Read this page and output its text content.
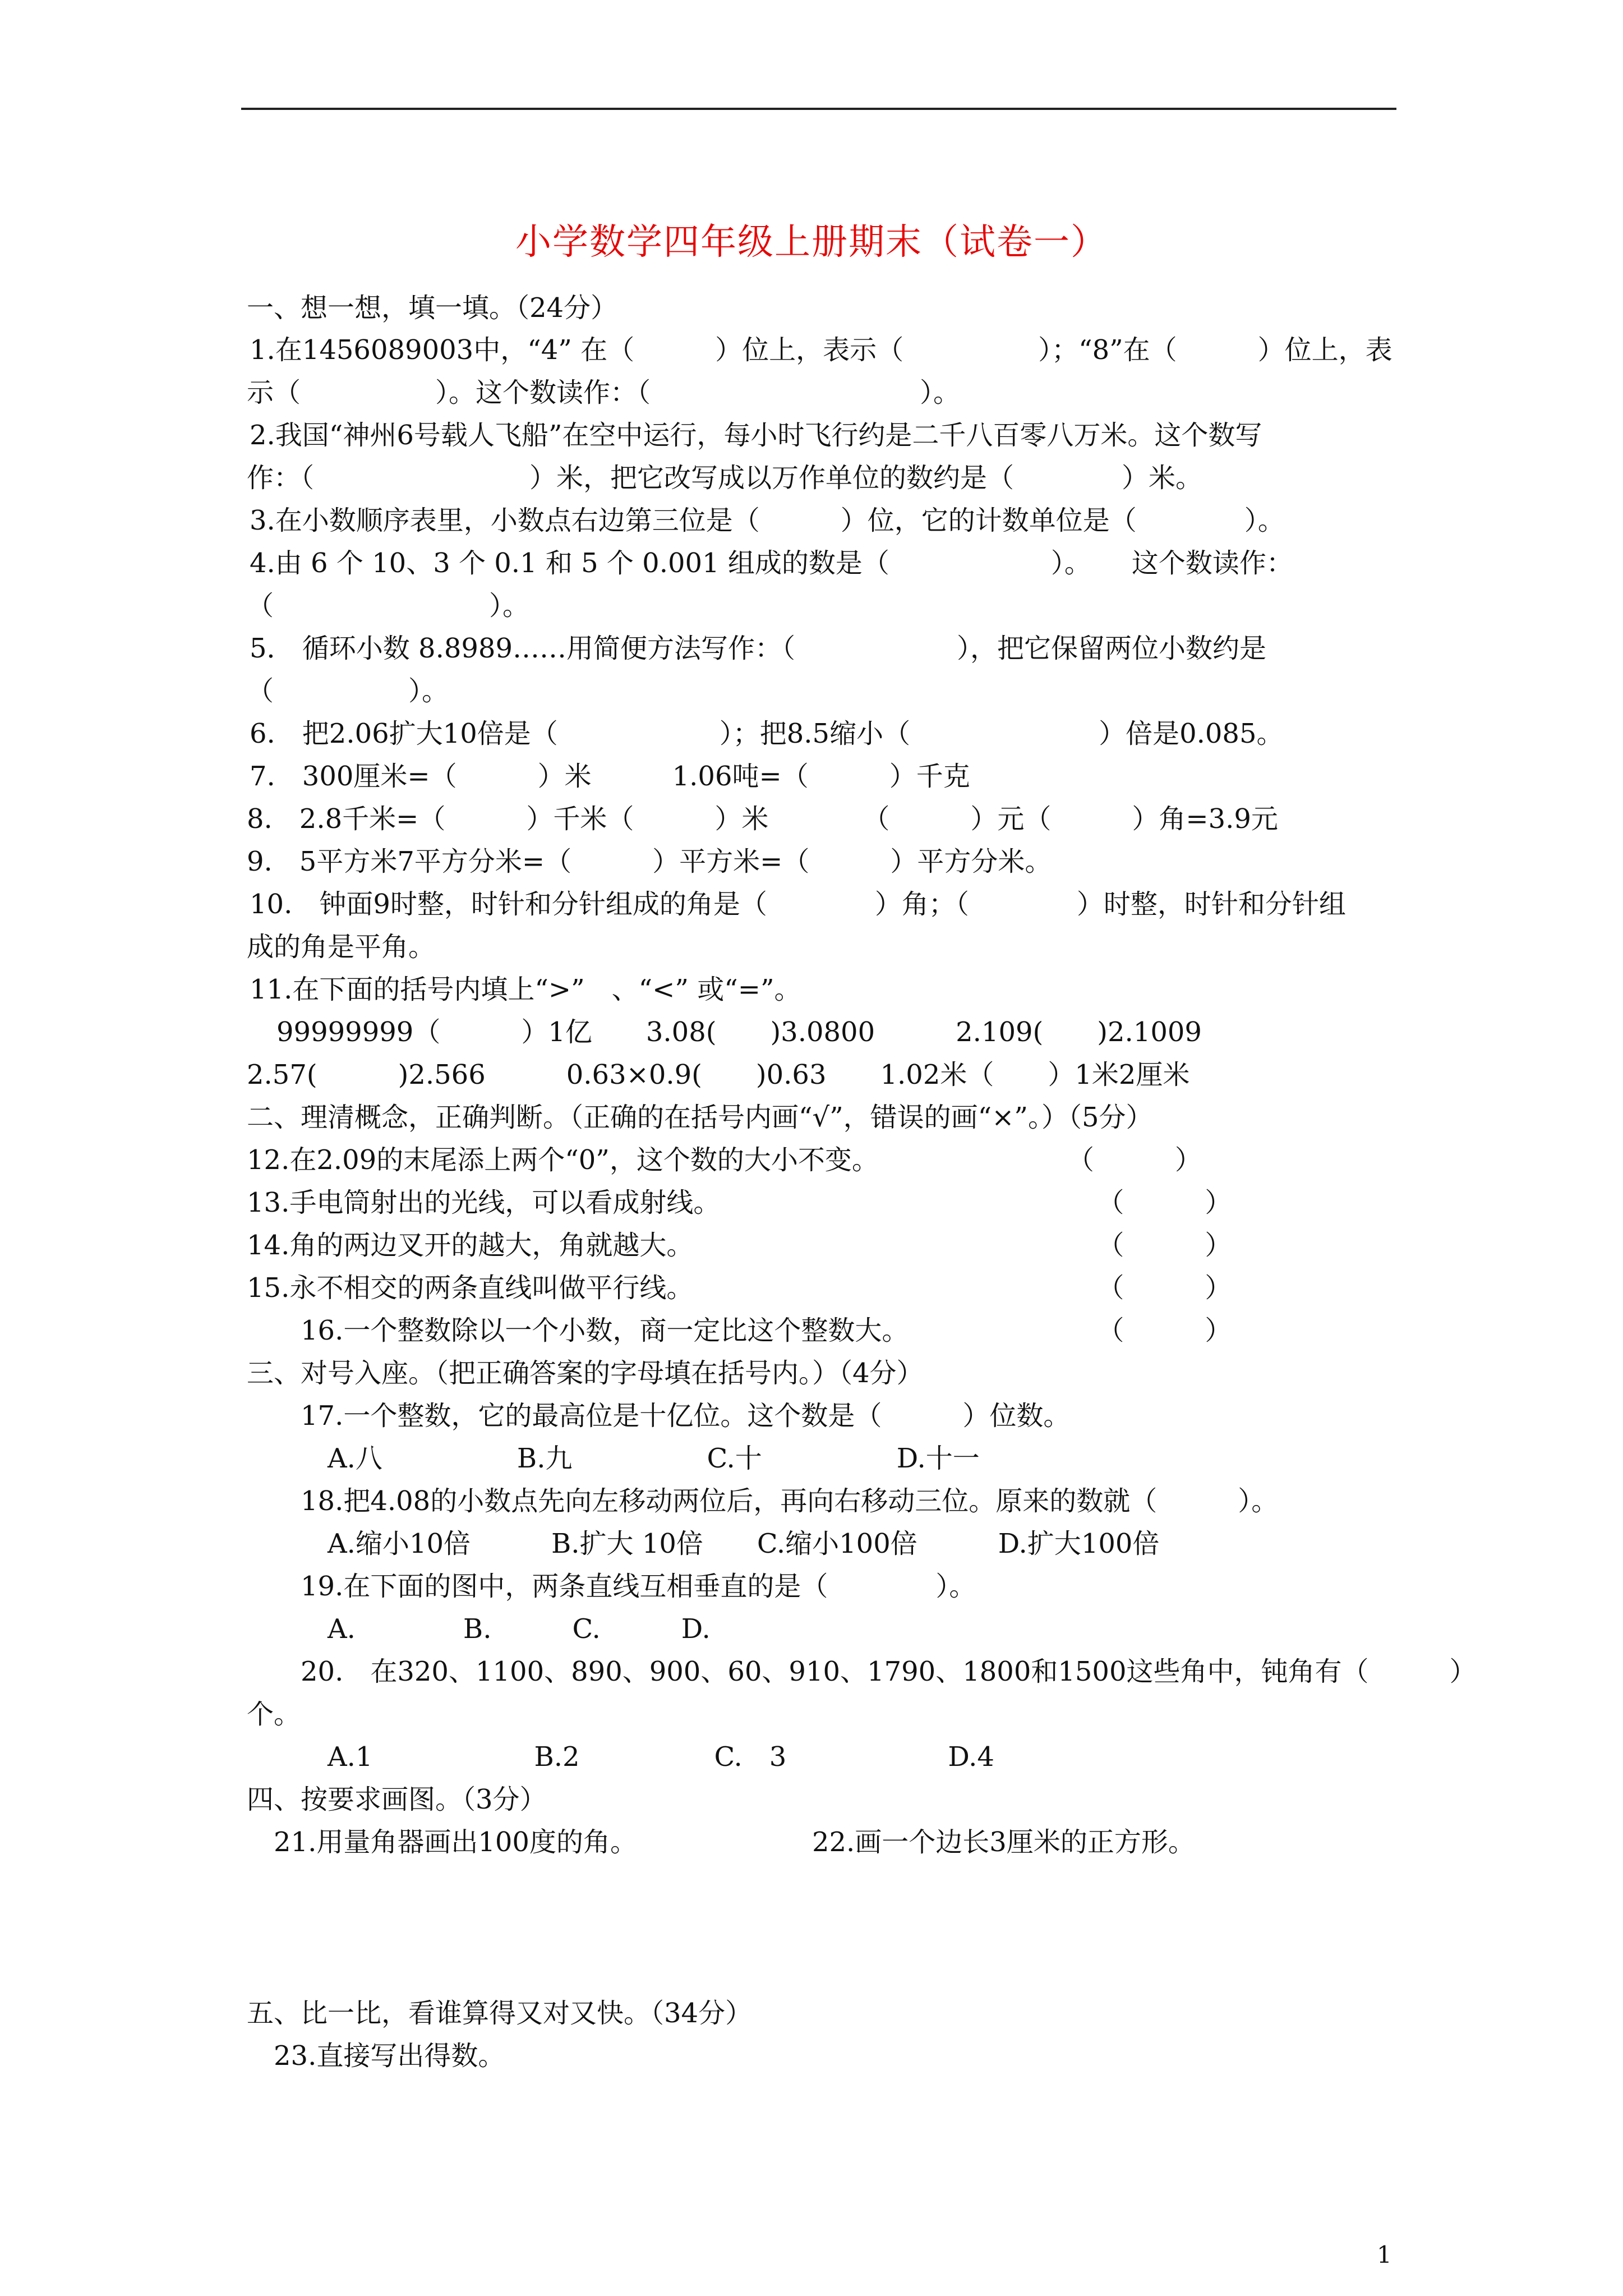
小学数学四年级上册期末（试卷一）
一、想一想，填一填。（24分）
1.在1456089003中，“4” 在（　　　）位上，表示（　　　　　）；“8”在（　　　）位上，表
示（　　　　　）。这个数读作：（　　　　　　　　　　）。
2.我国“神州6号载人飞船”在空中运行，每小时飞行约是二千八百零八万米。这个数写
作：（　　　　　　　　）米，把它改写成以万作单位的数约是（　　　　）米。
3.在小数顺序表里，小数点右边第三位是（　　　）位，它的计数单位是（　　　　）。
4.由 6 个 10、3 个 0.1 和 5 个 0.001 组成的数是（　　　　　　）。　　这个数读作：
（　　　　　　　　）。
5． 循环小数 8.8989……用简便方法写作：（　　　　　　），把它保留两位小数约是
（　　　　　）。
6.　把2.06扩大10倍是（　　　　　　）；把8.5缩小（　　　　　　　）倍是0.085。
7.　300厘米=（　　　）米　　　1.06吨=（　　　）千克
8.　2.8千米=（　　　）千米（　　　）米　　　　（　　　）元（　　　）角=3.9元
9.　5平方米7平方分米=（　　　）平方米=（　　　）平方分米。
10.　钟面9时整，时针和分针组成的角是（　　　　）角；（　　　　）时整，时针和分针组
成的角是平角。
11.在下面的括号内填上“>”　、“<” 或“=”。
　99999999（　　　）1亿　　3.08(　　)3.0800　　　2.109(　　)2.1009
2.57(　　　)2.566　　　0.63×0.9(　　)0.63　　1.02米（　　）1米2厘米
二、理清概念，正确判断。（正确的在括号内画“√”，错误的画“×”。）（5分）
12.在2.09的末尾添上两个“0”，这个数的大小不变。　　　　　　　　（　　　）
13.手电筒射出的光线，可以看成射线。　　　　　　　　　　　　　　　（　　　）
14.角的两边叉开的越大，角就越大。　　　　　　　　　　　　　　　　（　　　）
15.永不相交的两条直线叫做平行线。　　　　　　　　　　　　　　　　（　　　）
　　16.一个整数除以一个小数，商一定比这个整数大。　　　　　　　　（　　　）
三、对号入座。（把正确答案的字母填在括号内。）（4分）
　　17.一个整数，它的最高位是十亿位。这个数是（　　　）位数。
　　　A.八　　　　　B.九　　　　　C.十　　　　　D.十一
　　18.把4.08的小数点先向左移动两位后，再向右移动三位。原来的数就（　　　）。
　　　A.缩小10倍　　　B.扩大 10倍　　C.缩小100倍　　　D.扩大100倍
　　19.在下面的图中，两条直线互相垂直的是（　　　　）。
　　　A.　　　　B.　　　C.　　　D.
　　20.　在320、1100、890、900、60、910、1790、1800和1500这些角中，钝角有（　　　）
个。
　　　A.1　　　　　　B.2　　　　　C.　3　　　　　　D.4
四、按要求画图。（3分）
　21.用量角器画出100度的角。　　　　　　　22.画一个边长3厘米的正方形。
五、比一比，看谁算得又对又快。（34分）
　23.直接写出得数。
1
